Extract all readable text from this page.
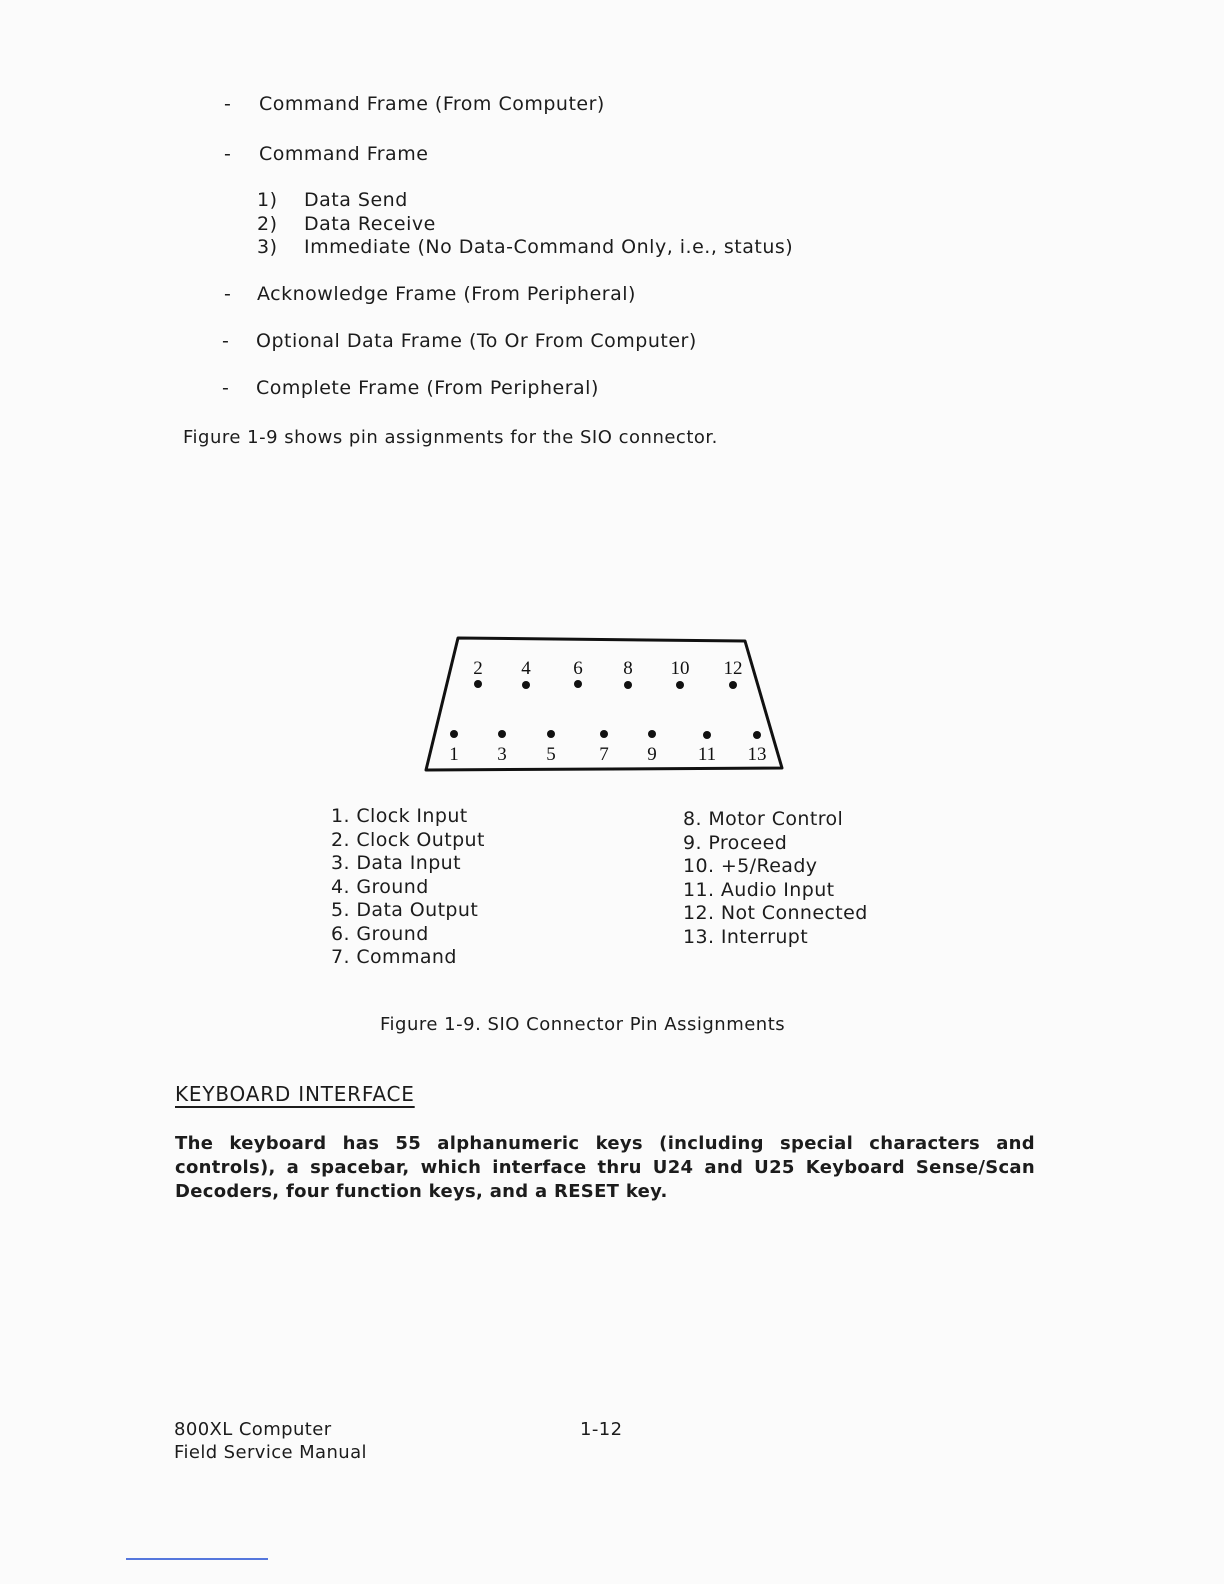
- Command Frame (From Computer)
- Command Frame
1) Data Send
2) Data Receive
3) Immediate (No Data-Command Only, i.e., status)
- Acknowledge Frame (From Peripheral)
- Optional Data Frame (To Or From Computer)
- Complete Frame (From Peripheral)
Figure 1-9 shows pin assignments for the SIO connector.
2 4 6 8 10 12
1 3 5 7 9 11 13
1. Clock Input
2. Clock Output
3. Data Input
4. Ground
5. Data Output
6. Ground
7. Command
8. Motor Control
9. Proceed
10. +5/Ready
11. Audio Input
12. Not Connected
13. Interrupt
Figure 1-9. SIO Connector Pin Assignments
KEYBOARD INTERFACE
The keyboard has 55 alphanumeric keys (including special characters and controls), a spacebar, which interface thru U24 and U25 Keyboard Sense/Scan Decoders, four function keys, and a RESET key.
800XL Computer
Field Service Manual
1-12
